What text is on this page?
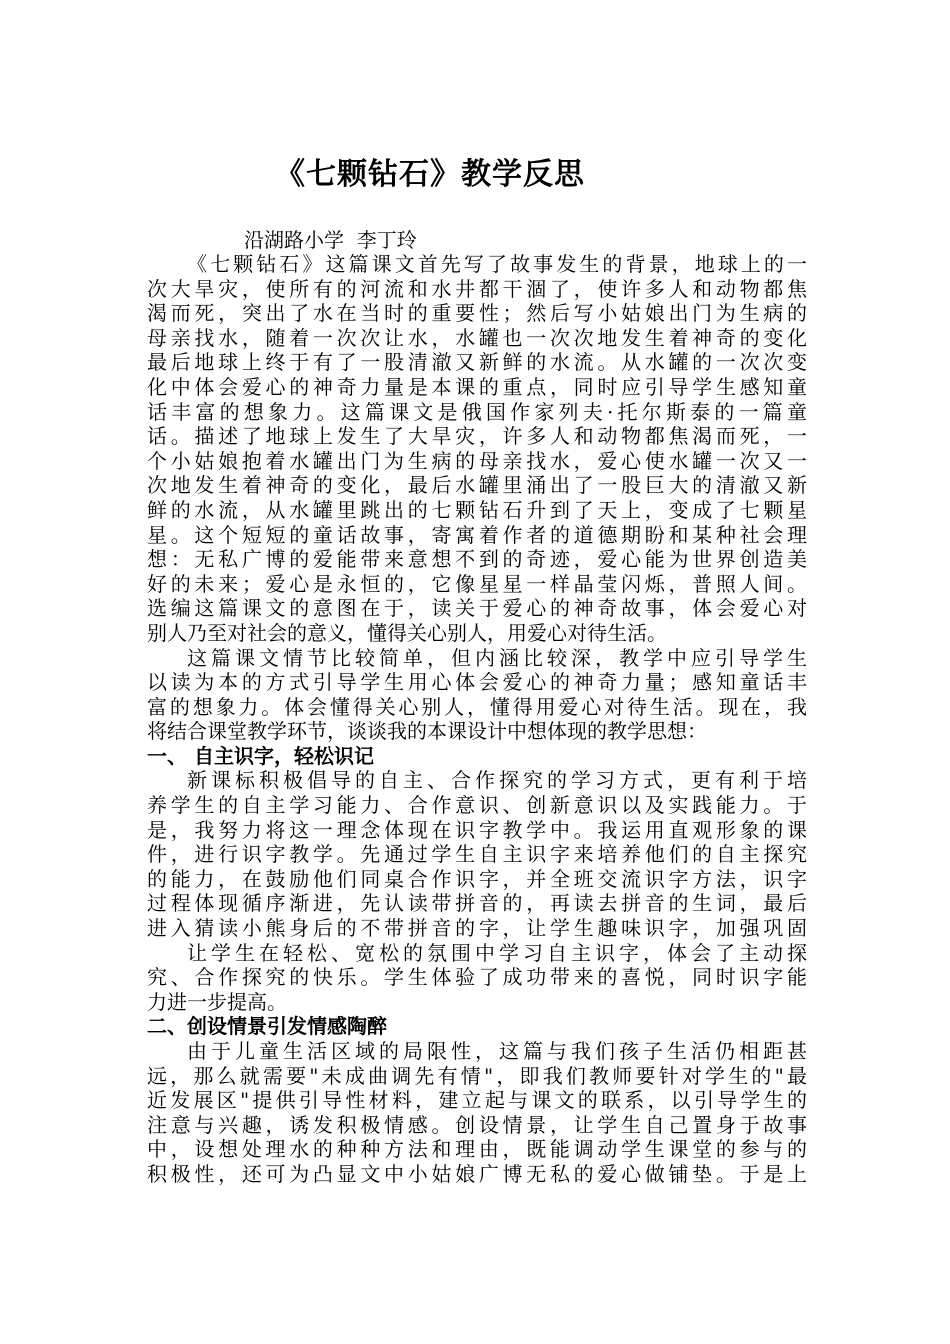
《七颗钻石》教学反思
沿湖路小学  李丁玲
《七颗钻石》这篇课文首先写了故事发生的背景，地球上的一
次大旱灾，使所有的河流和水井都干涸了，使许多人和动物都焦
渴而死，突出了水在当时的重要性；然后写小姑娘出门为生病的
母亲找水，随着一次次让水，水罐也一次次地发生着神奇的变化
最后地球上终于有了一股清澈又新鲜的水流。从水罐的一次次变
化中体会爱心的神奇力量是本课的重点，同时应引导学生感知童
话丰富的想象力。这篇课文是俄国作家列夫·托尔斯泰的一篇童
话。描述了地球上发生了大旱灾，许多人和动物都焦渴而死，一
个小姑娘抱着水罐出门为生病的母亲找水，爱心使水罐一次又一
次地发生着神奇的变化，最后水罐里涌出了一股巨大的清澈又新
鲜的水流，从水罐里跳出的七颗钻石升到了天上，变成了七颗星
星。这个短短的童话故事，寄寓着作者的道德期盼和某种社会理
想：无私广博的爱能带来意想不到的奇迹，爱心能为世界创造美
好的未来；爱心是永恒的，它像星星一样晶莹闪烁，普照人间。
选编这篇课文的意图在于，读关于爱心的神奇故事，体会爱心对
别人乃至对社会的意义，懂得关心别人，用爱心对待生活。
这篇课文情节比较简单，但内涵比较深，教学中应引导学生
以读为本的方式引导学生用心体会爱心的神奇力量；感知童话丰
富的想象力。体会懂得关心别人，懂得用爱心对待生活。现在，我
将结合课堂教学环节，谈谈我的本课设计中想体现的教学思想：
一、 自主识字，轻松识记
新课标积极倡导的自主、合作探究的学习方式，更有利于培
养学生的自主学习能力、合作意识、创新意识以及实践能力。于
是，我努力将这一理念体现在识字教学中。我运用直观形象的课
件，进行识字教学。先通过学生自主识字来培养他们的自主探究
的能力，在鼓励他们同桌合作识字，并全班交流识字方法，识字
过程体现循序渐进，先认读带拼音的，再读去拼音的生词，最后
进入猜读小熊身后的不带拼音的字，让学生趣味识字，加强巩固
让学生在轻松、宽松的氛围中学习自主识字，体会了主动探
究、合作探究的快乐。学生体验了成功带来的喜悦，同时识字能
力进一步提高。
二、创设情景引发情感陶醉
由于儿童生活区域的局限性，这篇与我们孩子生活仍相距甚
远，那么就需要"未成曲调先有情"，即我们教师要针对学生的"最
近发展区"提供引导性材料，建立起与课文的联系，以引导学生的
注意与兴趣，诱发积极情感。创设情景，让学生自己置身于故事
中，设想处理水的种种方法和理由，既能调动学生课堂的参与的
积极性，还可为凸显文中小姑娘广博无私的爱心做铺垫。于是上
